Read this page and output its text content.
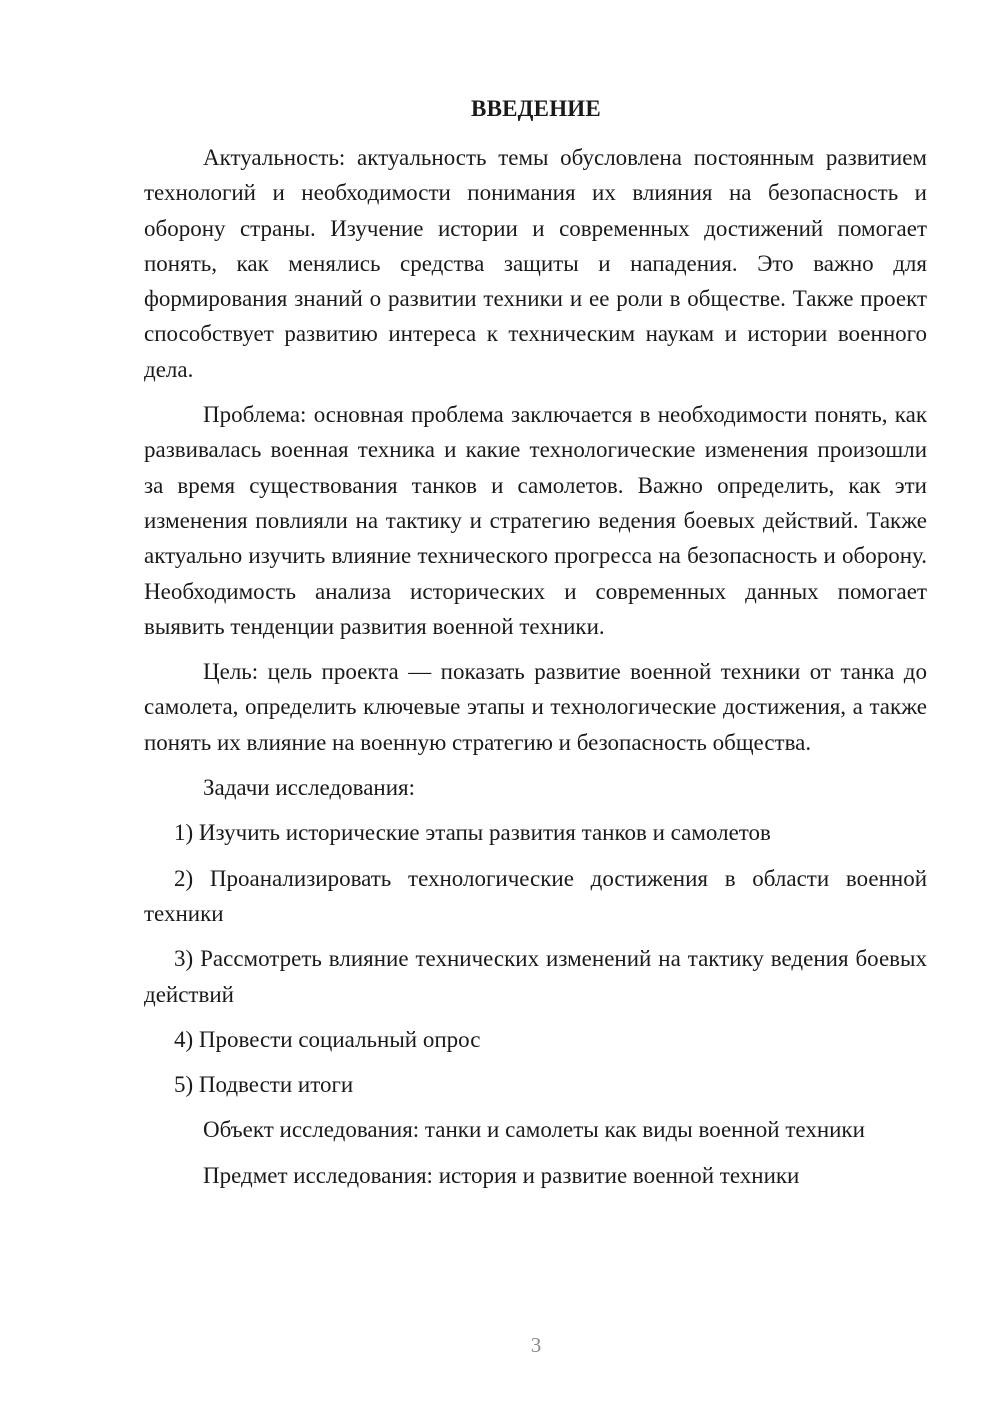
ВВЕДЕНИЕ

Актуальность: актуальность темы обусловлена постоянным развитием технологий и необходимости понимания их влияния на безопасность и оборону страны. Изучение истории и современных достижений помогает понять, как менялись средства защиты и нападения. Это важно для формирования знаний о развитии техники и ее роли в обществе. Также проект способствует развитию интереса к техническим наукам и истории военного дела.

Проблема: основная проблема заключается в необходимости понять, как развивалась военная техника и какие технологические изменения произошли за время существования танков и самолетов. Важно определить, как эти изменения повлияли на тактику и стратегию ведения боевых действий. Также актуально изучить влияние технического прогресса на безопасность и оборону. Необходимость анализа исторических и современных данных помогает выявить тенденции развития военной техники.

Цель: цель проекта — показать развитие военной техники от танка до самолета, определить ключевые этапы и технологические достижения, а также понять их влияние на военную стратегию и безопасность общества.

Задачи исследования:

1) Изучить исторические этапы развития танков и самолетов

2) Проанализировать технологические достижения в области военной техники

3) Рассмотреть влияние технических изменений на тактику ведения боевых действий

4) Провести социальный опрос

5) Подвести итоги

Объект исследования: танки и самолеты как виды военной техники

Предмет исследования: история и развитие военной техники

3
